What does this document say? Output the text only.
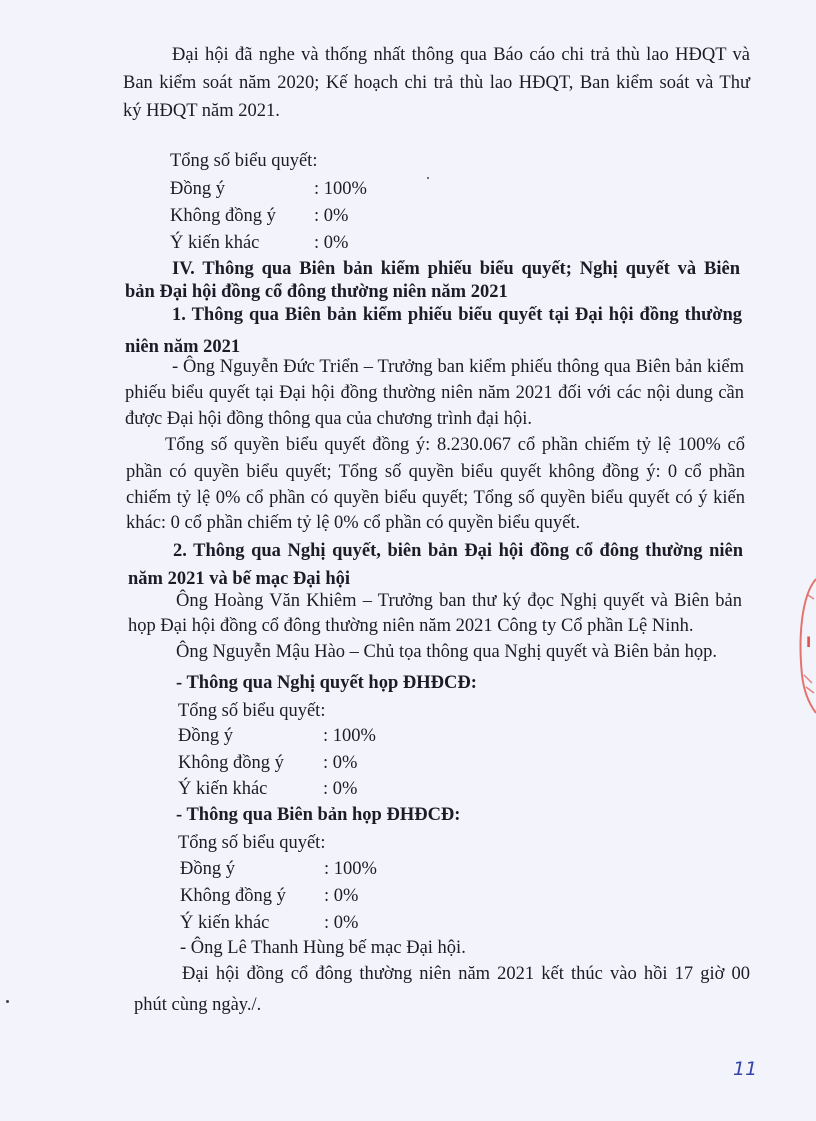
Đại hội đã nghe và thống nhất thông qua Báo cáo chi trả thù lao HĐQT và
Ban kiểm soát năm 2020; Kế hoạch chi trả thù lao HĐQT, Ban kiểm soát và Thư
ký HĐQT năm 2021.
Tổng số biểu quyết:
Đồng ý	: 100%
Không đồng ý : 0%
Ý kiến khác	: 0%
IV. Thông qua Biên bản kiểm phiếu biểu quyết; Nghị quyết và Biên
bản Đại hội đồng cổ đông thường niên năm 2021
1. Thông qua Biên bản kiểm phiếu biểu quyết tại Đại hội đồng thường
niên năm 2021
- Ông Nguyễn Đức Triển – Trưởng ban kiểm phiếu thông qua Biên bản kiểm
phiếu biểu quyết tại Đại hội đồng thường niên năm 2021 đối với các nội dung cần
được Đại hội đồng thông qua của chương trình đại hội.
Tổng số quyền biểu quyết đồng ý: 8.230.067 cổ phần chiếm tỷ lệ 100% cổ
phần có quyền biểu quyết; Tổng số quyền biểu quyết không đồng ý: 0 cổ phần
chiếm tỷ lệ 0% cổ phần có quyền biểu quyết; Tổng số quyền biểu quyết có ý kiến
khác: 0 cổ phần chiếm tỷ lệ 0% cổ phần có quyền biểu quyết.
2. Thông qua Nghị quyết, biên bản Đại hội đồng cổ đông thường niên
năm 2021 và bế mạc Đại hội
Ông Hoàng Văn Khiêm – Trưởng ban thư ký đọc Nghị quyết và Biên bản
họp Đại hội đồng cổ đông thường niên năm 2021 Công ty Cổ phần Lệ Ninh.
Ông Nguyễn Mậu Hào – Chủ tọa thông qua Nghị quyết và Biên bản họp.
- Thông qua Nghị quyết họp ĐHĐCĐ:
Tổng số biểu quyết:
Đồng ý	: 100%
Không đồng ý : 0%
Ý kiến khác	: 0%
- Thông qua Biên bản họp ĐHĐCĐ:
Tổng số biểu quyết:
Đồng ý	: 100%
Không đồng ý : 0%
Ý kiến khác	: 0%
- Ông Lê Thanh Hùng bế mạc Đại hội.
Đại hội đồng cổ đông thường niên năm 2021 kết thúc vào hồi 17 giờ 00
phút cùng ngày./.
11
I
